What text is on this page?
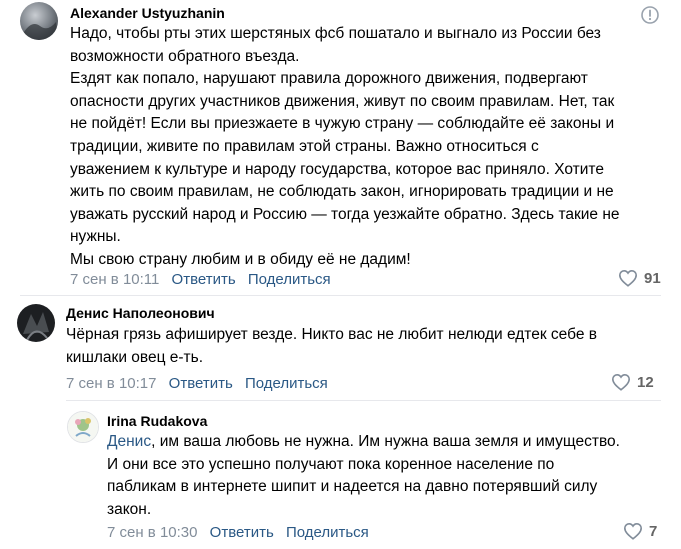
Alexander Ustyuzhanin
Надо, чтобы рты этих шерстяных фсб пошатало и выгнало из России без
возможности обратного въезда.
Ездят как попало, нарушают правила дорожного движения, подвергают
опасности других участников движения, живут по своим правилам. Нет, так
не пойдёт! Если вы приезжаете в чужую страну — соблюдайте её законы и
традиции, живите по правилам этой страны. Важно относиться с
уважением к культуре и народу государства, которое вас приняло. Хотите
жить по своим правилам, не соблюдать закон, игнорировать традиции и не
уважать русский народ и Россию — тогда уезжайте обратно. Здесь такие не
нужны.
Мы свою страну любим и в обиду её не дадим!
7 сен в 10:11 Ответить Поделиться	91
Денис Наполеонович
Чёрная грязь афиширует везде. Никто вас не любит нелюди едтек себе в
кишлаки овец е-ть.
7 сен в 10:17 Ответить Поделиться	12
Irina Rudakova
Денис, им ваша любовь не нужна. Им нужна ваша земля и имущество.
И они все это успешно получают пока коренное население по
пабликам в интернете шипит и надеется на давно потерявший силу
закон.
7 сен в 10:30 Ответить Поделиться	7
